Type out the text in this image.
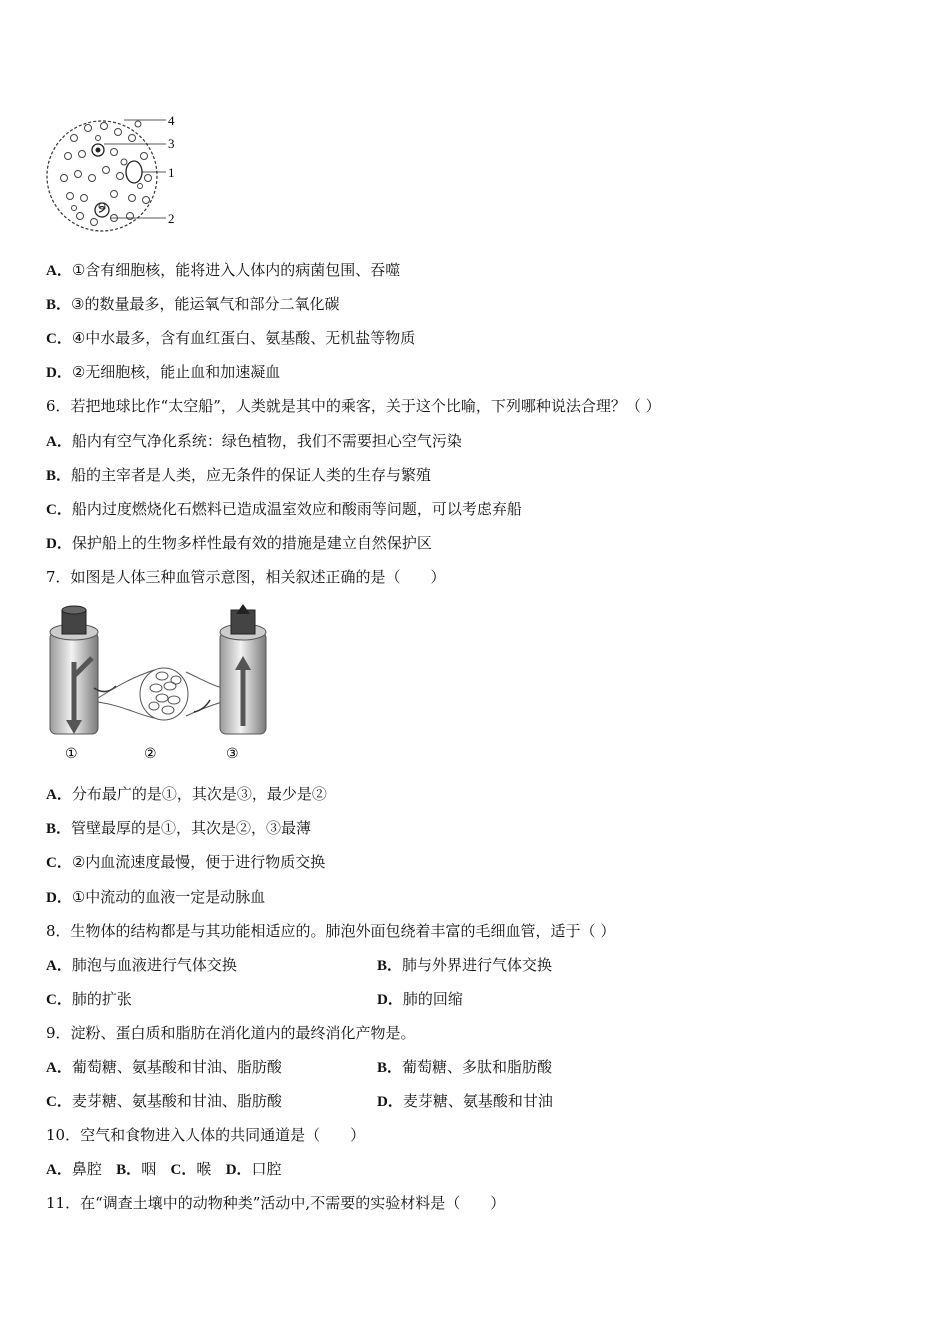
4
3
1
2
A．①含有细胞核，能将进入人体内的病菌包围、吞噬
B．③的数量最多，能运氧气和部分二氧化碳
C．④中水最多，含有血红蛋白、氨基酸、无机盐等物质
D．②无细胞核，能止血和加速凝血
6．若把地球比作“太空船”，人类就是其中的乘客，关于这个比喻，下列哪种说法合理？（ ）
A．船内有空气净化系统：绿色植物，我们不需要担心空气污染
B．船的主宰者是人类，应无条件的保证人类的生存与繁殖
C．船内过度燃烧化石燃料已造成温室效应和酸雨等问题，可以考虑弃船
D．保护船上的生物多样性最有效的措施是建立自然保护区
7．如图是人体三种血管示意图，相关叙述正确的是（　　）
①	②	③
A．分布最广的是①，其次是③，最少是②
B．管壁最厚的是①，其次是②，③最薄
C．②内血流速度最慢，便于进行物质交换
D．①中流动的血液一定是动脉血
8．生物体的结构都是与其功能相适应的。肺泡外面包绕着丰富的毛细血管，适于（ ）
A．肺泡与血液进行气体交换	B．肺与外界进行气体交换
C．肺的扩张	D．肺的回缩
9．淀粉、蛋白质和脂肪在消化道内的最终消化产物是。
A．葡萄糖、氨基酸和甘油、脂肪酸	B．葡萄糖、多肽和脂肪酸
C．麦芽糖、氨基酸和甘油、脂肪酸	D．麦芽糖、氨基酸和甘油
10．空气和食物进入人体的共同通道是（　　）
A．鼻腔 B．咽 C．喉 D．口腔
11．在“调查土壤中的动物种类”活动中,不需要的实验材料是（　　）
